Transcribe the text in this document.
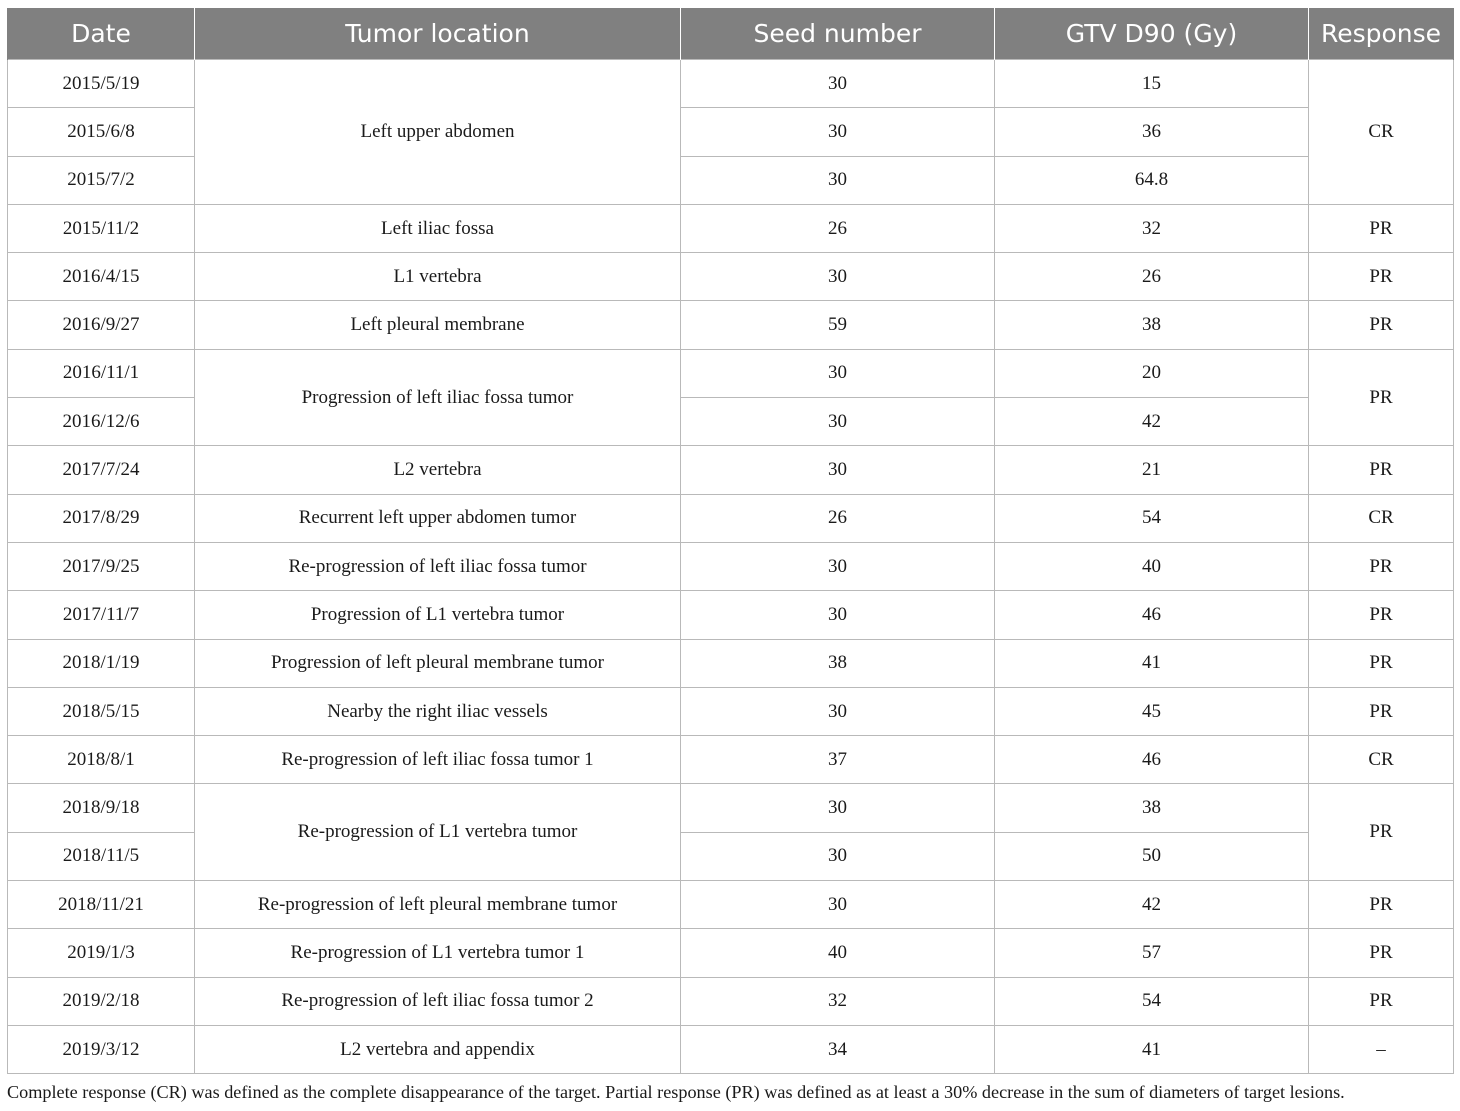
Date	Tumor location	Seed number	GTV D90 (Gy)	Response
2015/5/19	Left upper abdomen	30	15	CR
2015/6/8		30	36	
2015/7/2		30	64.8	
2015/11/2	Left iliac fossa	26	32	PR
2016/4/15	L1 vertebra	30	26	PR
2016/9/27	Left pleural membrane	59	38	PR
2016/11/1	Progression of left iliac fossa tumor	30	20	PR
2016/12/6		30	42	
2017/7/24	L2 vertebra	30	21	PR
2017/8/29	Recurrent left upper abdomen tumor	26	54	CR
2017/9/25	Re-progression of left iliac fossa tumor	30	40	PR
2017/11/7	Progression of L1 vertebra tumor	30	46	PR
2018/1/19	Progression of left pleural membrane tumor	38	41	PR
2018/5/15	Nearby the right iliac vessels	30	45	PR
2018/8/1	Re-progression of left iliac fossa tumor 1	37	46	CR
2018/9/18	Re-progression of L1 vertebra tumor	30	38	PR
2018/11/5		30	50	
2018/11/21	Re-progression of left pleural membrane tumor	30	42	PR
2019/1/3	Re-progression of L1 vertebra tumor 1	40	57	PR
2019/2/18	Re-progression of left iliac fossa tumor 2	32	54	PR
2019/3/12	L2 vertebra and appendix	34	41	–
Complete response (CR) was defined as the complete disappearance of the target. Partial response (PR) was defined as at least a 30% decrease in the sum of diameters of target lesions.
